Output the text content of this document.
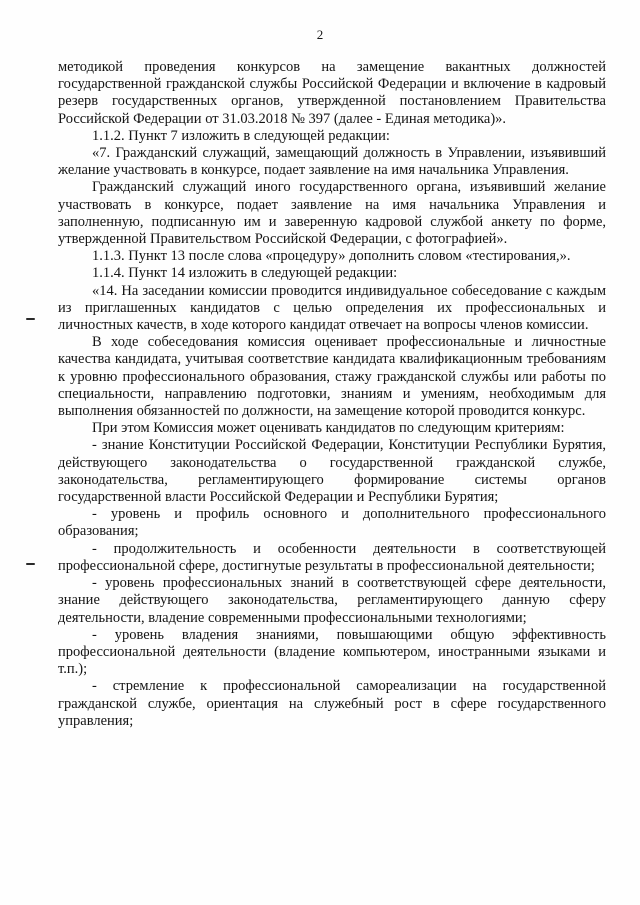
2

методикой проведения конкурсов на замещение вакантных должностей государственной гражданской службы Российской Федерации и включение в кадровый резерв государственных органов, утвержденной постановлением Правительства Российской Федерации от 31.03.2018 № 397 (далее - Единая методика)».

1.1.2. Пункт 7 изложить в следующей редакции:

«7. Гражданский служащий, замещающий должность в Управлении, изъявивший желание участвовать в конкурсе, подает заявление на имя начальника Управления.

Гражданский служащий иного государственного органа, изъявивший желание участвовать в конкурсе, подает заявление на имя начальника Управления и заполненную, подписанную им и заверенную кадровой службой анкету по форме, утвержденной Правительством Российской Федерации, с фотографией».

1.1.3. Пункт 13 после слова «процедуру» дополнить словом «тестирования,».

1.1.4. Пункт 14 изложить в следующей редакции:

«14. На заседании комиссии проводится индивидуальное собеседование с каждым из приглашенных кандидатов с целью определения их профессиональных и личностных качеств, в ходе которого кандидат отвечает на вопросы членов комиссии.

В ходе собеседования комиссия оценивает профессиональные и личностные качества кандидата, учитывая соответствие кандидата квалификационным требованиям к уровню профессионального образования, стажу гражданской службы или работы по специальности, направлению подготовки, знаниям и умениям, необходимым для выполнения обязанностей по должности, на замещение которой проводится конкурс.

При этом Комиссия может оценивать кандидатов по следующим критериям:

- знание Конституции Российской Федерации, Конституции Республики Бурятия, действующего законодательства о государственной гражданской службе, законодательства, регламентирующего формирование системы органов государственной власти Российской Федерации и Республики Бурятия;

- уровень и профиль основного и дополнительного профессионального образования;

- продолжительность и особенности деятельности в соответствующей профессиональной сфере, достигнутые результаты в профессиональной деятельности;

- уровень профессиональных знаний в соответствующей сфере деятельности, знание действующего законодательства, регламентирующего данную сферу деятельности, владение современными профессиональными технологиями;

- уровень владения знаниями, повышающими общую эффективность профессиональной деятельности (владение компьютером, иностранными языками и т.п.);

- стремление к профессиональной самореализации на государственной гражданской службе, ориентация на служебный рост в сфере государственного управления;
